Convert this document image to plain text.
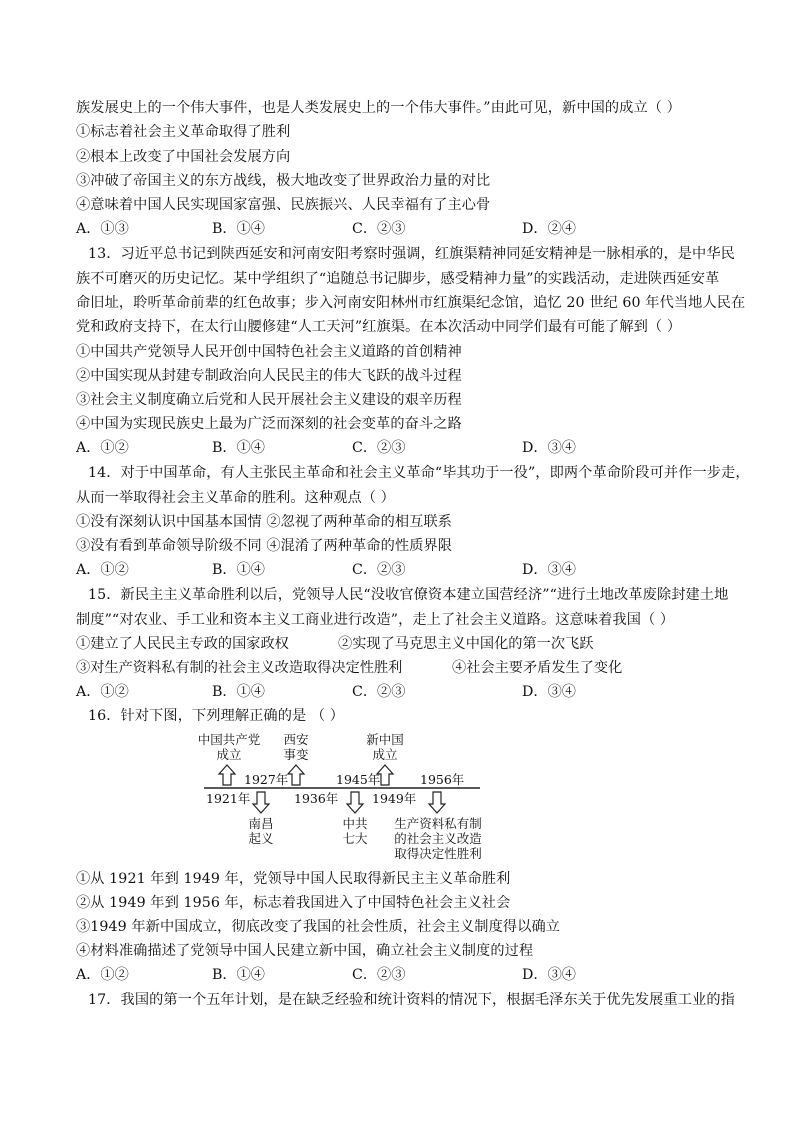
族发展史上的一个伟大事件，也是人类发展史上的一个伟大事件。”由此可见，新中国的成立（ ）
①标志着社会主义革命取得了胜利
②根本上改变了中国社会发展方向
③冲破了帝国主义的东方战线，极大地改变了世界政治力量的对比
④意味着中国人民实现国家富强、民族振兴、人民幸福有了主心骨
A．①③	B．①④	C．②③	D．②④
13．习近平总书记到陕西延安和河南安阳考察时强调，红旗渠精神同延安精神是一脉相承的，是中华民
族不可磨灭的历史记忆。某中学组织了“追随总书记脚步，感受精神力量”的实践活动，走进陕西延安革
命旧址，聆听革命前辈的红色故事；步入河南安阳林州市红旗渠纪念馆，追忆 20 世纪 60 年代当地人民在
党和政府支持下，在太行山腰修建“人工天河”红旗渠。在本次活动中同学们最有可能了解到（ ）
①中国共产党领导人民开创中国特色社会主义道路的首创精神
②中国实现从封建专制政治向人民民主的伟大飞跃的战斗过程
③社会主义制度确立后党和人民开展社会主义建设的艰辛历程
④中国为实现民族史上最为广泛而深刻的社会变革的奋斗之路
A．①②	B．①④	C．②③	D．③④
14．对于中国革命，有人主张民主革命和社会主义革命“毕其功于一役”，即两个革命阶段可并作一步走，
从而一举取得社会主义革命的胜利。这种观点（ ）
①没有深刻认识中国基本国情 ②忽视了两种革命的相互联系
③没有看到革命领导阶级不同 ④混淆了两种革命的性质界限
A．①②	B．①④	C．②③	D．③④
15．新民主主义革命胜利以后，党领导人民“没收官僚资本建立国营经济”“进行土地改革废除封建土地
制度”“对农业、手工业和资本主义工商业进行改造”，走上了社会主义道路。这意味着我国（ ）
①建立了人民民主专政的国家政权	②实现了马克思主义中国化的第一次飞跃
③对生产资料私有制的社会主义改造取得决定性胜利	④社会主要矛盾发生了变化
A．①②	B．①④	C．②③	D．③④
16．针对下图，下列理解正确的是 （ ）
中国共产党
成立
西安
事变
新中国
成立
1927年	1945年	1956年
1921年	1936年	1949年
南昌
起义
中共
七大
生产资料私有制
的社会主义改造
取得决定性胜利
①从 1921 年到 1949 年，党领导中国人民取得新民主主义革命胜利
②从 1949 年到 1956 年，标志着我国进入了中国特色社会主义社会
③1949 年新中国成立，彻底改变了我国的社会性质，社会主义制度得以确立
④材料准确描述了党领导中国人民建立新中国，确立社会主义制度的过程
A．①②	B．①④	C．②③	D．③④
17．我国的第一个五年计划，是在缺乏经验和统计资料的情况下，根据毛泽东关于优先发展重工业的指
